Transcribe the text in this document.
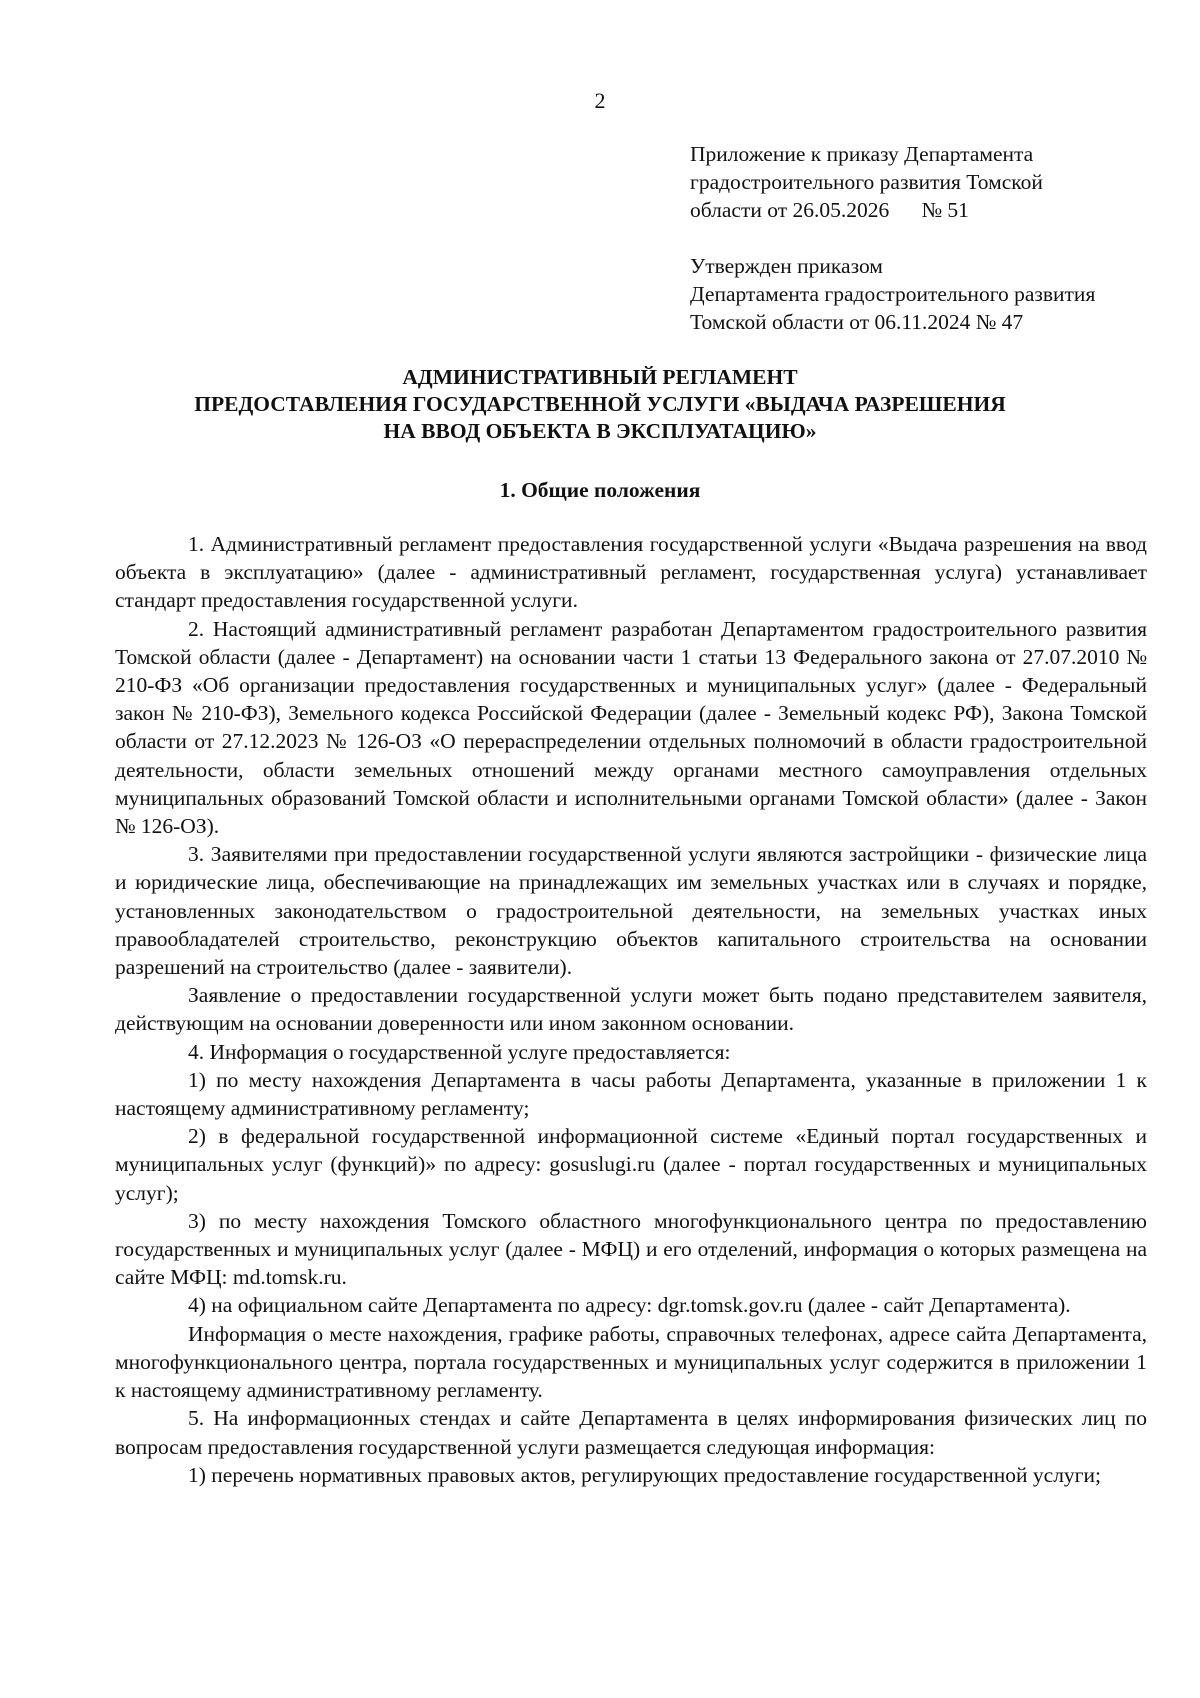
2
Приложение к приказу Департамента
градостроительного развития Томской
области от 26.05.2026      № 51
Утвержден приказом
Департамента градостроительного развития
Томской области от 06.11.2024 № 47
АДМИНИСТРАТИВНЫЙ РЕГЛАМЕНТ
ПРЕДОСТАВЛЕНИЯ ГОСУДАРСТВЕННОЙ УСЛУГИ «ВЫДАЧА РАЗРЕШЕНИЯ
НА ВВОД ОБЪЕКТА В ЭКСПЛУАТАЦИЮ»
1. Общие положения

1. Административный регламент предоставления государственной услуги «Выдача разрешения на ввод объекта в эксплуатацию» (далее - административный регламент, государственная услуга) устанавливает стандарт предоставления государственной услуги.

2. Настоящий административный регламент разработан Департаментом градостроительного развития Томской области (далее - Департамент) на основании части 1 статьи 13 Федерального закона от 27.07.2010 № 210-ФЗ «Об организации предоставления государственных и муниципальных услуг» (далее - Федеральный закон № 210-ФЗ), Земельного кодекса Российской Федерации (далее - Земельный кодекс РФ), Закона Томской области от 27.12.2023 № 126-ОЗ «О перераспределении отдельных полномочий в области градостроительной деятельности, области земельных отношений между органами местного самоуправления отдельных муниципальных образований Томской области и исполнительными органами Томской области» (далее - Закон № 126-ОЗ).

3. Заявителями при предоставлении государственной услуги являются застройщики - физические лица и юридические лица, обеспечивающие на принадлежащих им земельных участках или в случаях и порядке, установленных законодательством о градостроительной деятельности, на земельных участках иных правообладателей строительство, реконструкцию объектов капитального строительства на основании разрешений на строительство (далее - заявители).

Заявление о предоставлении государственной услуги может быть подано представителем заявителя, действующим на основании доверенности или ином законном основании.

4. Информация о государственной услуге предоставляется:

1) по месту нахождения Департамента в часы работы Департамента, указанные в приложении 1 к настоящему административному регламенту;

2) в федеральной государственной информационной системе «Единый портал государственных и муниципальных услуг (функций)» по адресу: gosuslugi.ru (далее - портал государственных и муниципальных услуг);

3) по месту нахождения Томского областного многофункционального центра по предоставлению государственных и муниципальных услуг (далее - МФЦ) и его отделений, информация о которых размещена на сайте МФЦ: md.tomsk.ru.

4) на официальном сайте Департамента по адресу: dgr.tomsk.gov.ru (далее - сайт Департамента).

Информация о месте нахождения, графике работы, справочных телефонах, адресе сайта Департамента, многофункционального центра, портала государственных и муниципальных услуг содержится в приложении 1 к настоящему административному регламенту.

5. На информационных стендах и сайте Департамента в целях информирования физических лиц по вопросам предоставления государственной услуги размещается следующая информация:

1) перечень нормативных правовых актов, регулирующих предоставление государственной услуги;
